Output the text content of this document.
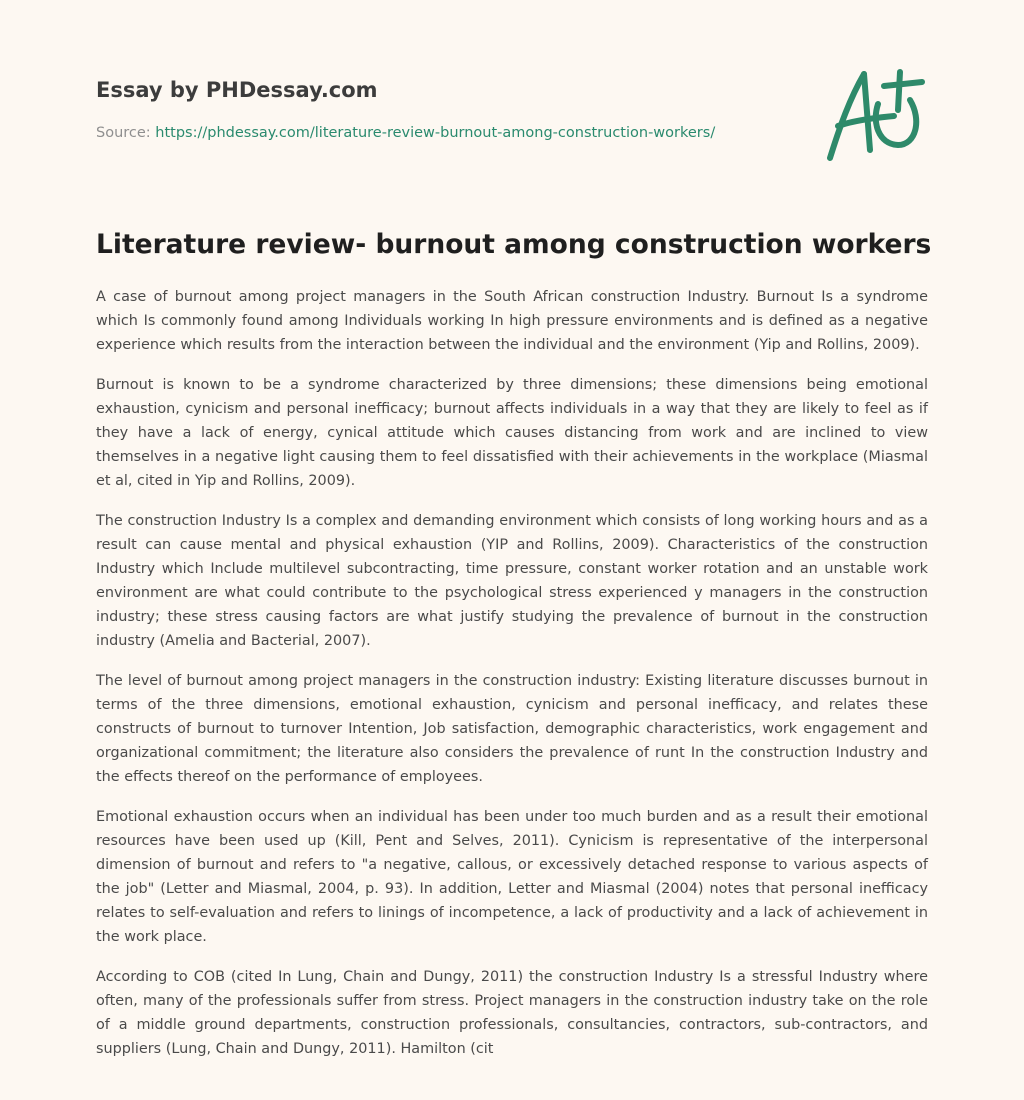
Essay by PHDessay.com
Source: https://phdessay.com/literature-review-burnout-among-construction-workers/
Literature review- burnout among construction workers

A case of burnout among project managers in the South African construction Industry. Burnout Is a syndrome which Is commonly found among Individuals working In high pressure environments and is defined as a negative experience which results from the interaction between the individual and the environment (Yip and Rollins, 2009).

Burnout is known to be a syndrome characterized by three dimensions; these dimensions being emotional exhaustion, cynicism and personal inefficacy; burnout affects individuals in a way that they are likely to feel as if they have a lack of energy, cynical attitude which causes distancing from work and are inclined to view themselves in a negative light causing them to feel dissatisfied with their achievements in the workplace (Miasmal et al, cited in Yip and Rollins, 2009).

The construction Industry Is a complex and demanding environment which consists of long working hours and as a result can cause mental and physical exhaustion (YIP and Rollins, 2009). Characteristics of the construction Industry which Include multilevel subcontracting, time pressure, constant worker rotation and an unstable work environment are what could contribute to the psychological stress experienced y managers in the construction industry; these stress causing factors are what justify studying the prevalence of burnout in the construction industry (Amelia and Bacterial, 2007).

The level of burnout among project managers in the construction industry: Existing literature discusses burnout in terms of the three dimensions, emotional exhaustion, cynicism and personal inefficacy, and relates these constructs of burnout to turnover Intention, Job satisfaction, demographic characteristics, work engagement and organizational commitment; the literature also considers the prevalence of runt In the construction Industry and the effects thereof on the performance of employees.

Emotional exhaustion occurs when an individual has been under too much burden and as a result their emotional resources have been used up (Kill, Pent and Selves, 2011). Cynicism is representative of the interpersonal dimension of burnout and refers to "a negative, callous, or excessively detached response to various aspects of the job" (Letter and Miasmal, 2004, p. 93). In addition, Letter and Miasmal (2004) notes that personal inefficacy relates to self-evaluation and refers to linings of incompetence, a lack of productivity and a lack of achievement in the work place.

According to COB (cited In Lung, Chain and Dungy, 2011) the construction Industry Is a stressful Industry where often, many of the professionals suffer from stress. Project managers in the construction industry take on the role of a middle ground departments, construction professionals, consultancies, contractors, sub-contractors, and suppliers (Lung, Chain and Dungy, 2011). Hamilton (cit
